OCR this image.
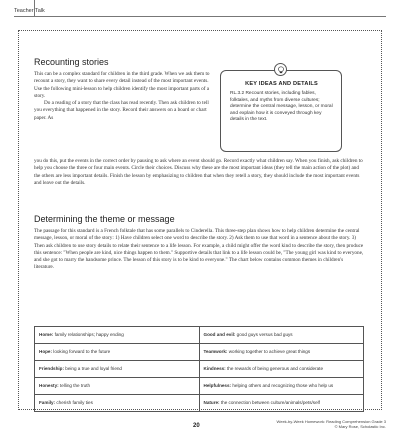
Teacher Talk
Recounting stories

This can be a complex standard for children in the third grade. When we ask them to recount a story, they want to share every detail instead of the most important events. Use the following mini-lesson to help children identify the most important parts of a story.

Do a reading of a story that the class has read recently. Then ask children to tell you everything that happened in the story. Record their answers on a board or chart paper. As

you do this, put the events in the correct order by pausing to ask where an event should go. Record exactly what children say. When you finish, ask children to help you choose the three or four main events. Circle their choices. Discuss why these are the most important ideas (they tell the main action of the plot) and the others are less important details. Finish the lesson by emphasizing to children that when they retell a story, they should include the most important events and leave out the details.

KEY IDEAS AND DETAILS
RL.3.2 Recount stories, including fables, folktales, and myths from diverse cultures; determine the central message, lesson, or moral and explain how it is conveyed through key details in the text.
Determining the theme or message

The passage for this standard is a French folktale that has some parallels to Cinderella. This three-step plan shows how to help children determine the central message, lesson, or moral of the story: 1) Have children select one word to describe the story. 2) Ask them to use that word in a sentence about the story. 3) Then ask children to use story details to relate their sentence to a life lesson. For example, a child might offer the word kind to describe the story, then produce this sentence: "When people are kind, nice things happen to them." Supportive details that link to a life lesson could be, "The young girl was kind to everyone, and she got to marry the handsome prince. The lesson of this story is to be kind to everyone." The chart below contains common themes in children's literature.

Home: family relationships; happy ending	Good and evil: good guys versus bad guys
Hope: looking forward to the future	Teamwork: working together to achieve great things
Friendship: being a true and loyal friend	Kindness: the rewards of being generous and considerate
Honesty: telling the truth	Helpfulness: helping others and recognizing those who help us
Family: cherish family ties	Nature: the connection between culture/animals/pets/self
20
Week-by-Week Homework: Reading Comprehension Grade 3
© Mary Rose, Scholastic Inc.
